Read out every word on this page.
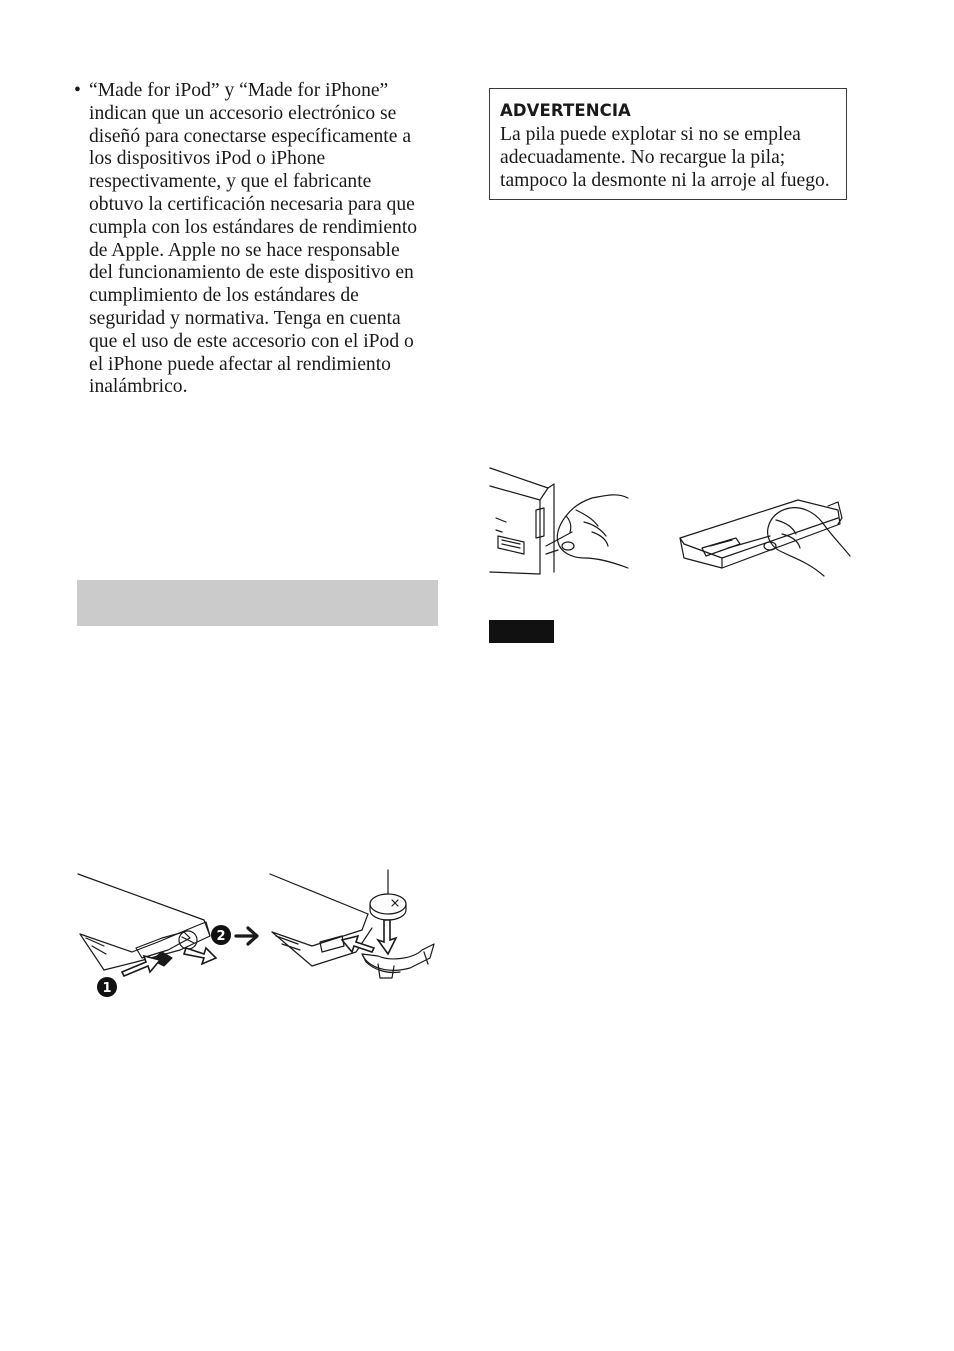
• “Made for iPod” y “Made for iPhone”
indican que un accesorio electrónico se
diseñó para conectarse específicamente a
los dispositivos iPod o iPhone
respectivamente, y que el fabricante
obtuvo la certificación necesaria para que
cumpla con los estándares de rendimiento
de Apple. Apple no se hace responsable
del funcionamiento de este dispositivo en
cumplimiento de los estándares de
seguridad y normativa. Tenga en cuenta
que el uso de este accesorio con el iPod o
el iPhone puede afectar al rendimiento
inalámbrico.
1
2
ADVERTENCIA
La pila puede explotar si no se emplea
adecuadamente. No recargue la pila;
tampoco la desmonte ni la arroje al fuego.
